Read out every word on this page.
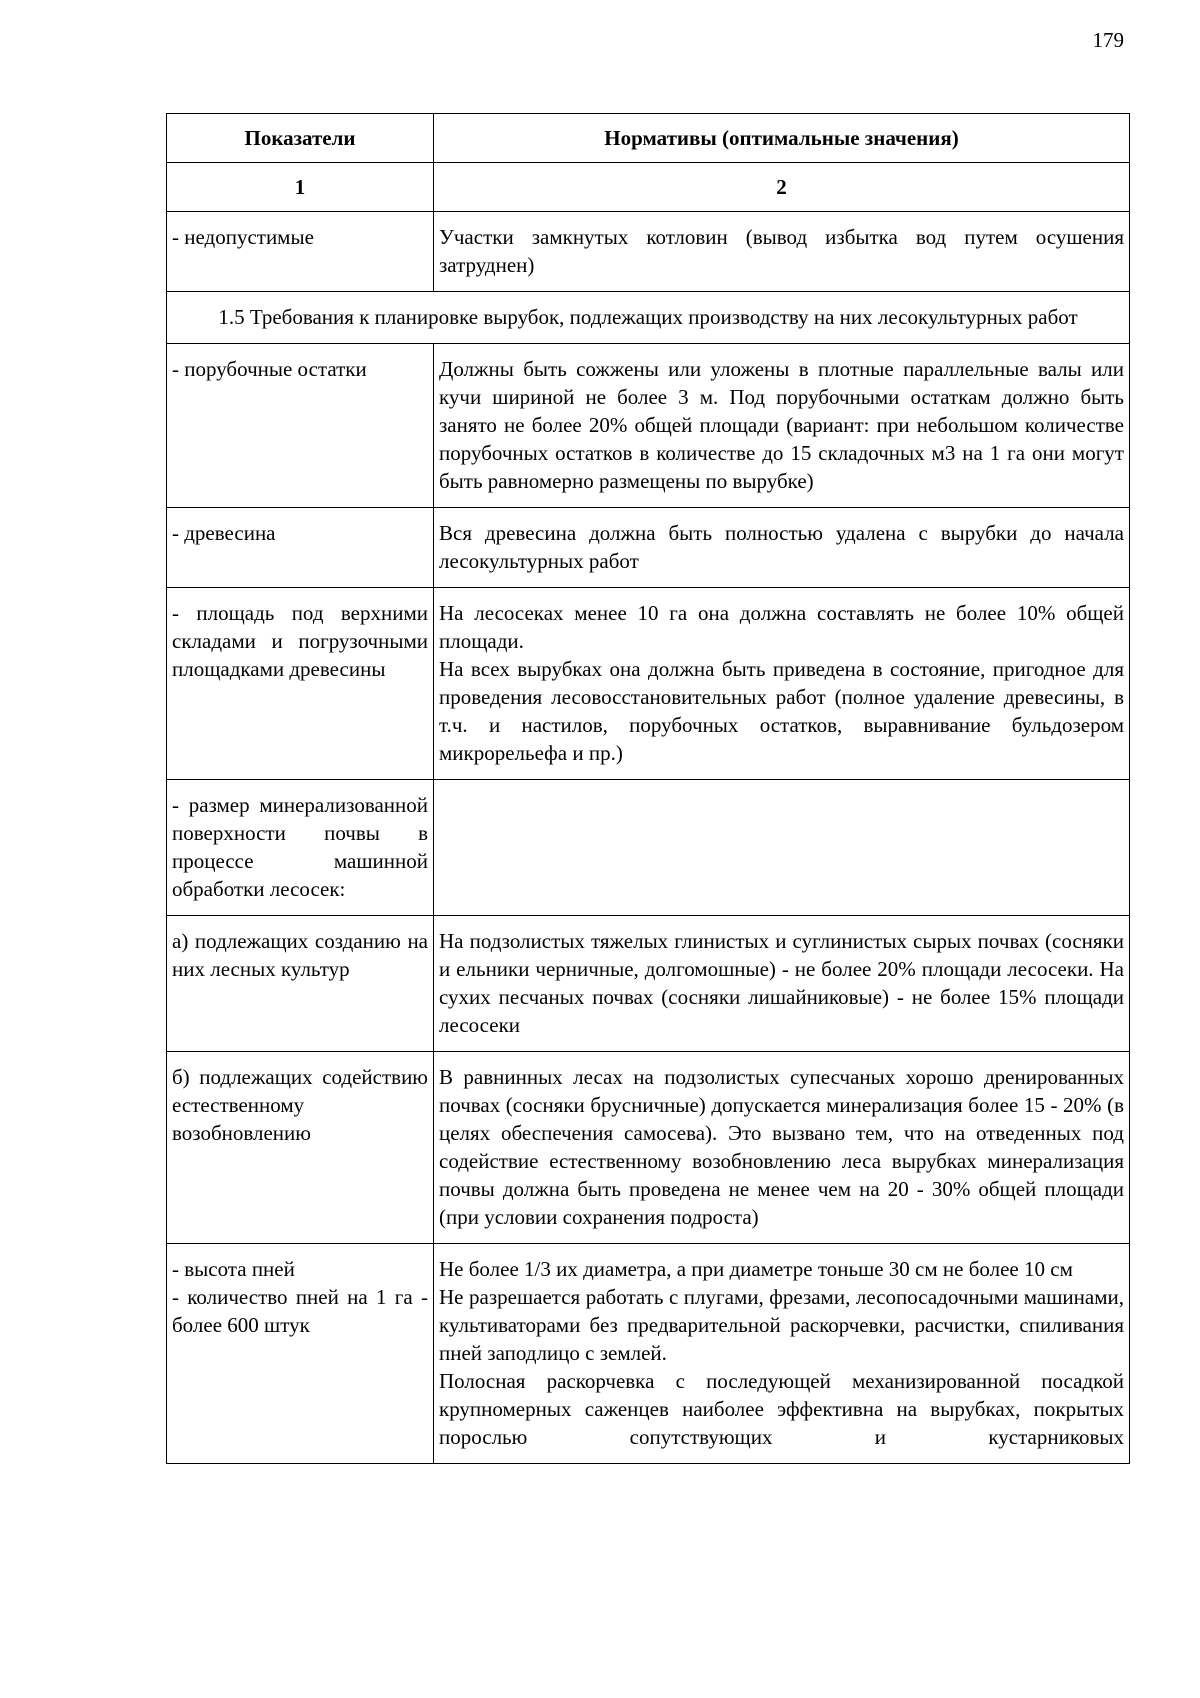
179
Показатели	Нормативы (оптимальные значения)
1	2
- недопустимые	Участки замкнутых котловин (вывод избытка вод путем осушения затруднен)
1.5 Требования к планировке вырубок, подлежащих производству на них лесокультурных работ	
- порубочные остатки	Должны быть сожжены или уложены в плотные параллельные валы или кучи шириной не более 3 м. Под порубочными остаткам должно быть занято не более 20% общей площади (вариант: при небольшом количестве порубочных остатков в количестве до 15 складочных м3 на 1 га они могут быть равномерно размещены по вырубке)
- древесина	Вся древесина должна быть полностью удалена с вырубки до начала лесокультурных работ
- площадь под верхними складами и погрузочными площадками древесины	На лесосеках менее 10 га она должна составлять не более 10% общей площади.
На всех вырубках она должна быть приведена в состояние, пригодное для проведения лесовосстановительных работ (полное удаление древесины, в т.ч. и настилов, порубочных остатков, выравнивание бульдозером микрорельефа и пр.)

- размер минерализованной поверхности почвы в процессе машинной обработки лесосек:	
а) подлежащих созданию на них лесных культур	На подзолистых тяжелых глинистых и суглинистых сырых почвах (сосняки и ельники черничные, долгомошные) - не более 20% площади лесосеки. На сухих песчаных почвах (сосняки лишайниковые) - не более 15% площади лесосеки
б) подлежащих содействию естественному возобновлению	В равнинных лесах на подзолистых супесчаных хорошо дренированных почвах (сосняки брусничные) допускается минерализация более 15 - 20% (в целях обеспечения самосева). Это вызвано тем, что на отведенных под содействие естественному возобновлению леса вырубках минерализация почвы должна быть проведена не менее чем на 20 - 30% общей площади (при условии сохранения подроста)

- высота пней
- количество пней на 1 га - более 600 штук	Не более 1/3 их диаметра, а при диаметре тоньше 30 см не более 10 см
Не разрешается работать с плугами, фрезами, лесопосадочными машинами, культиваторами без предварительной раскорчевки, расчистки, спиливания пней заподлицо с землей.
Полосная раскорчевка с последующей механизированной посадкой крупномерных саженцев наиболее эффективна на вырубках, покрытых порослью сопутствующих и кустарниковых
